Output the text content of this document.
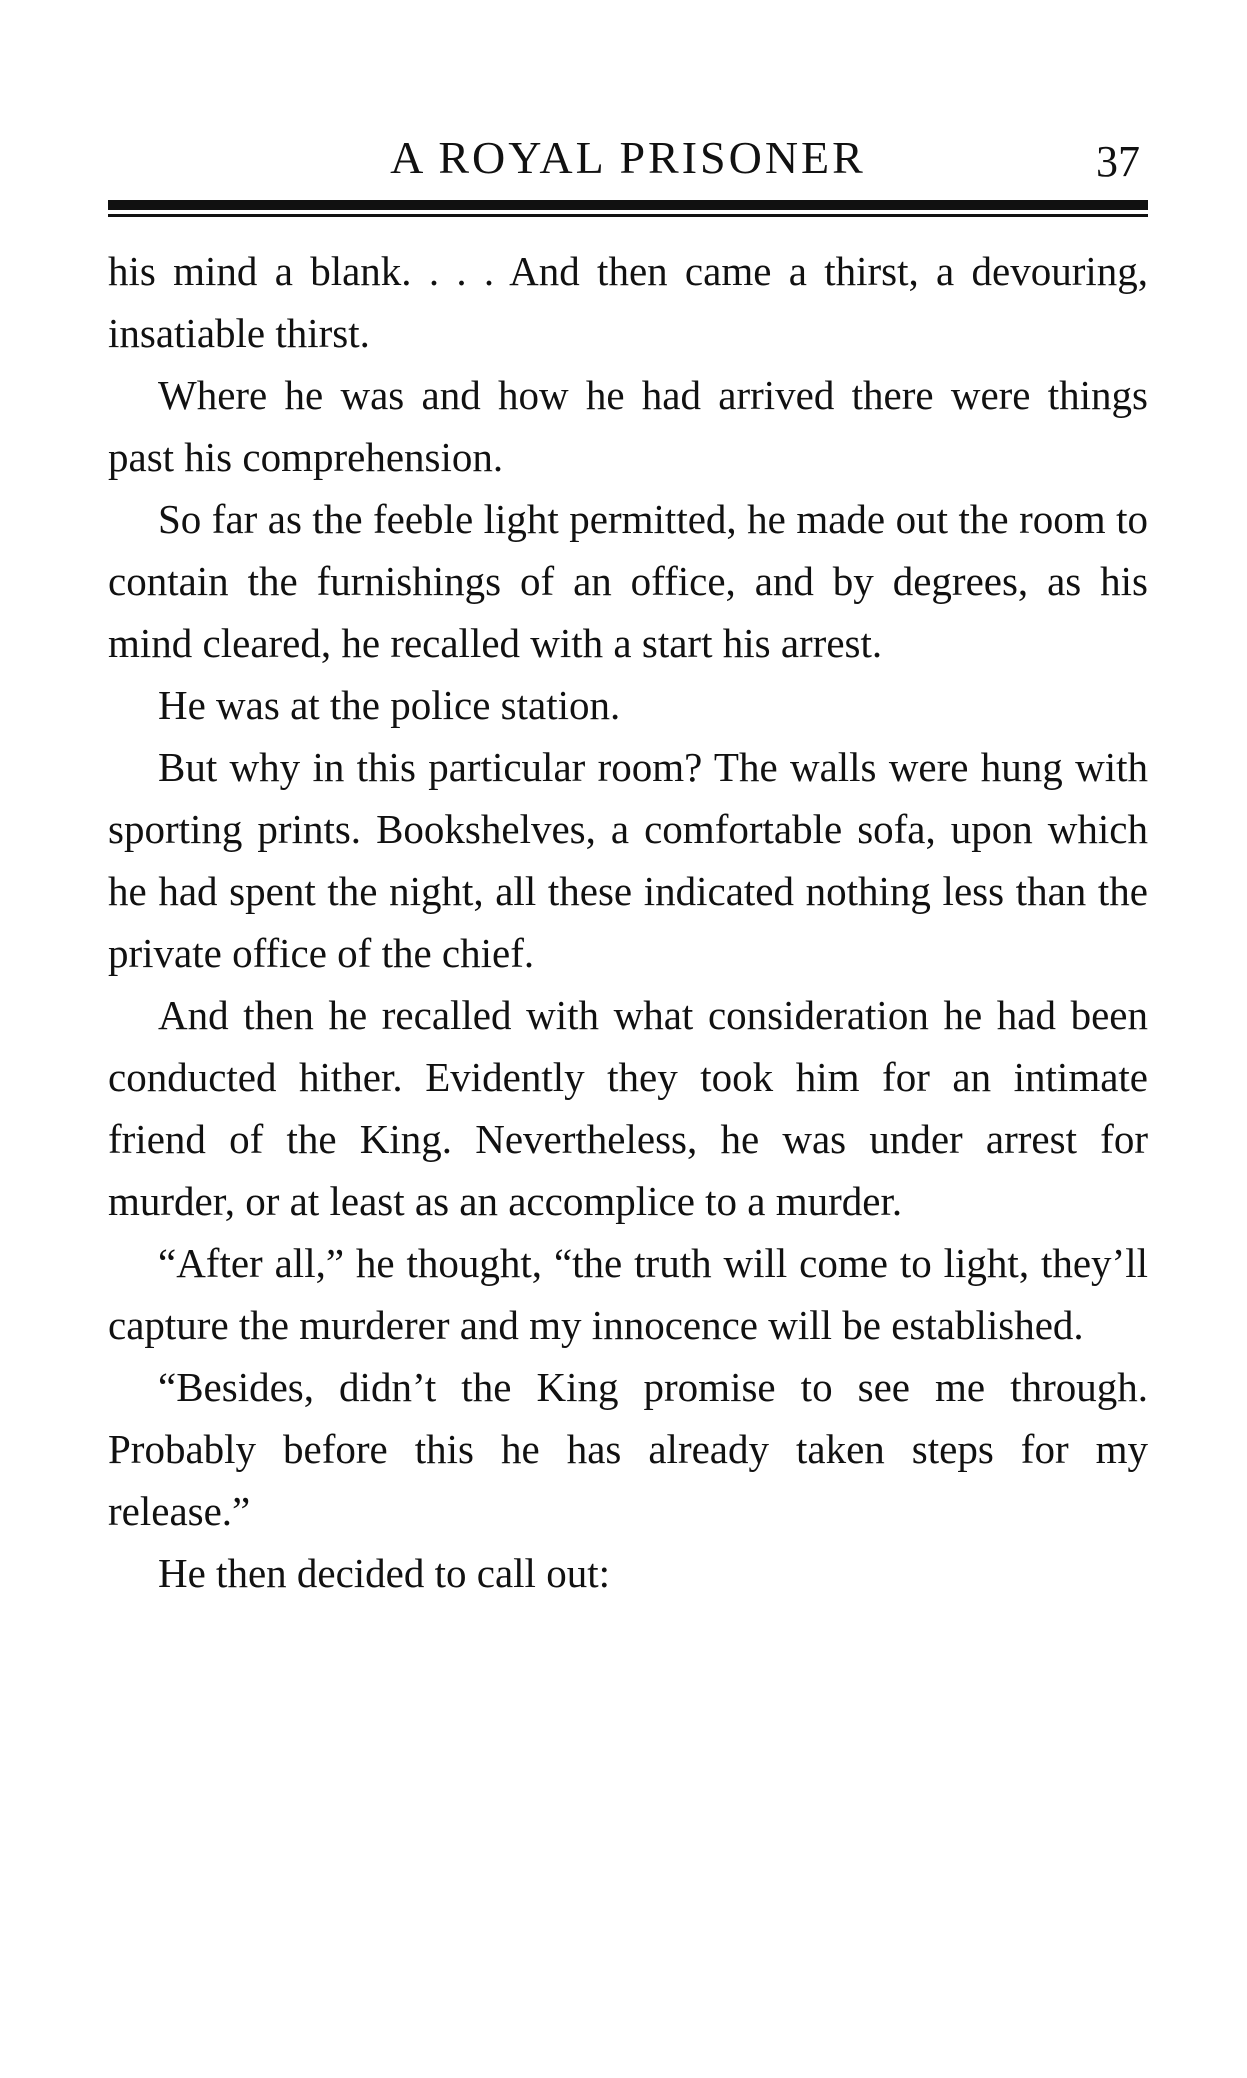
A ROYAL PRISONER	37

his mind a blank. . . . And then came a thirst, a devouring, insatiable thirst.

Where he was and how he had arrived there were things past his comprehension.

So far as the feeble light permitted, he made out the room to contain the furnishings of an office, and by degrees, as his mind cleared, he recalled with a start his arrest.

He was at the police station.

But why in this particular room? The walls were hung with sporting prints. Bookshelves, a comfortable sofa, upon which he had spent the night, all these indicated nothing less than the private office of the chief.

And then he recalled with what consideration he had been conducted hither. Evidently they took him for an intimate friend of the King. Nevertheless, he was under arrest for murder, or at least as an accomplice to a murder.

“After all,” he thought, “the truth will come to light, they’ll capture the murderer and my innocence will be established.

“Besides, didn’t the King promise to see me through. Probably before this he has already taken steps for my release.”

He then decided to call out:
